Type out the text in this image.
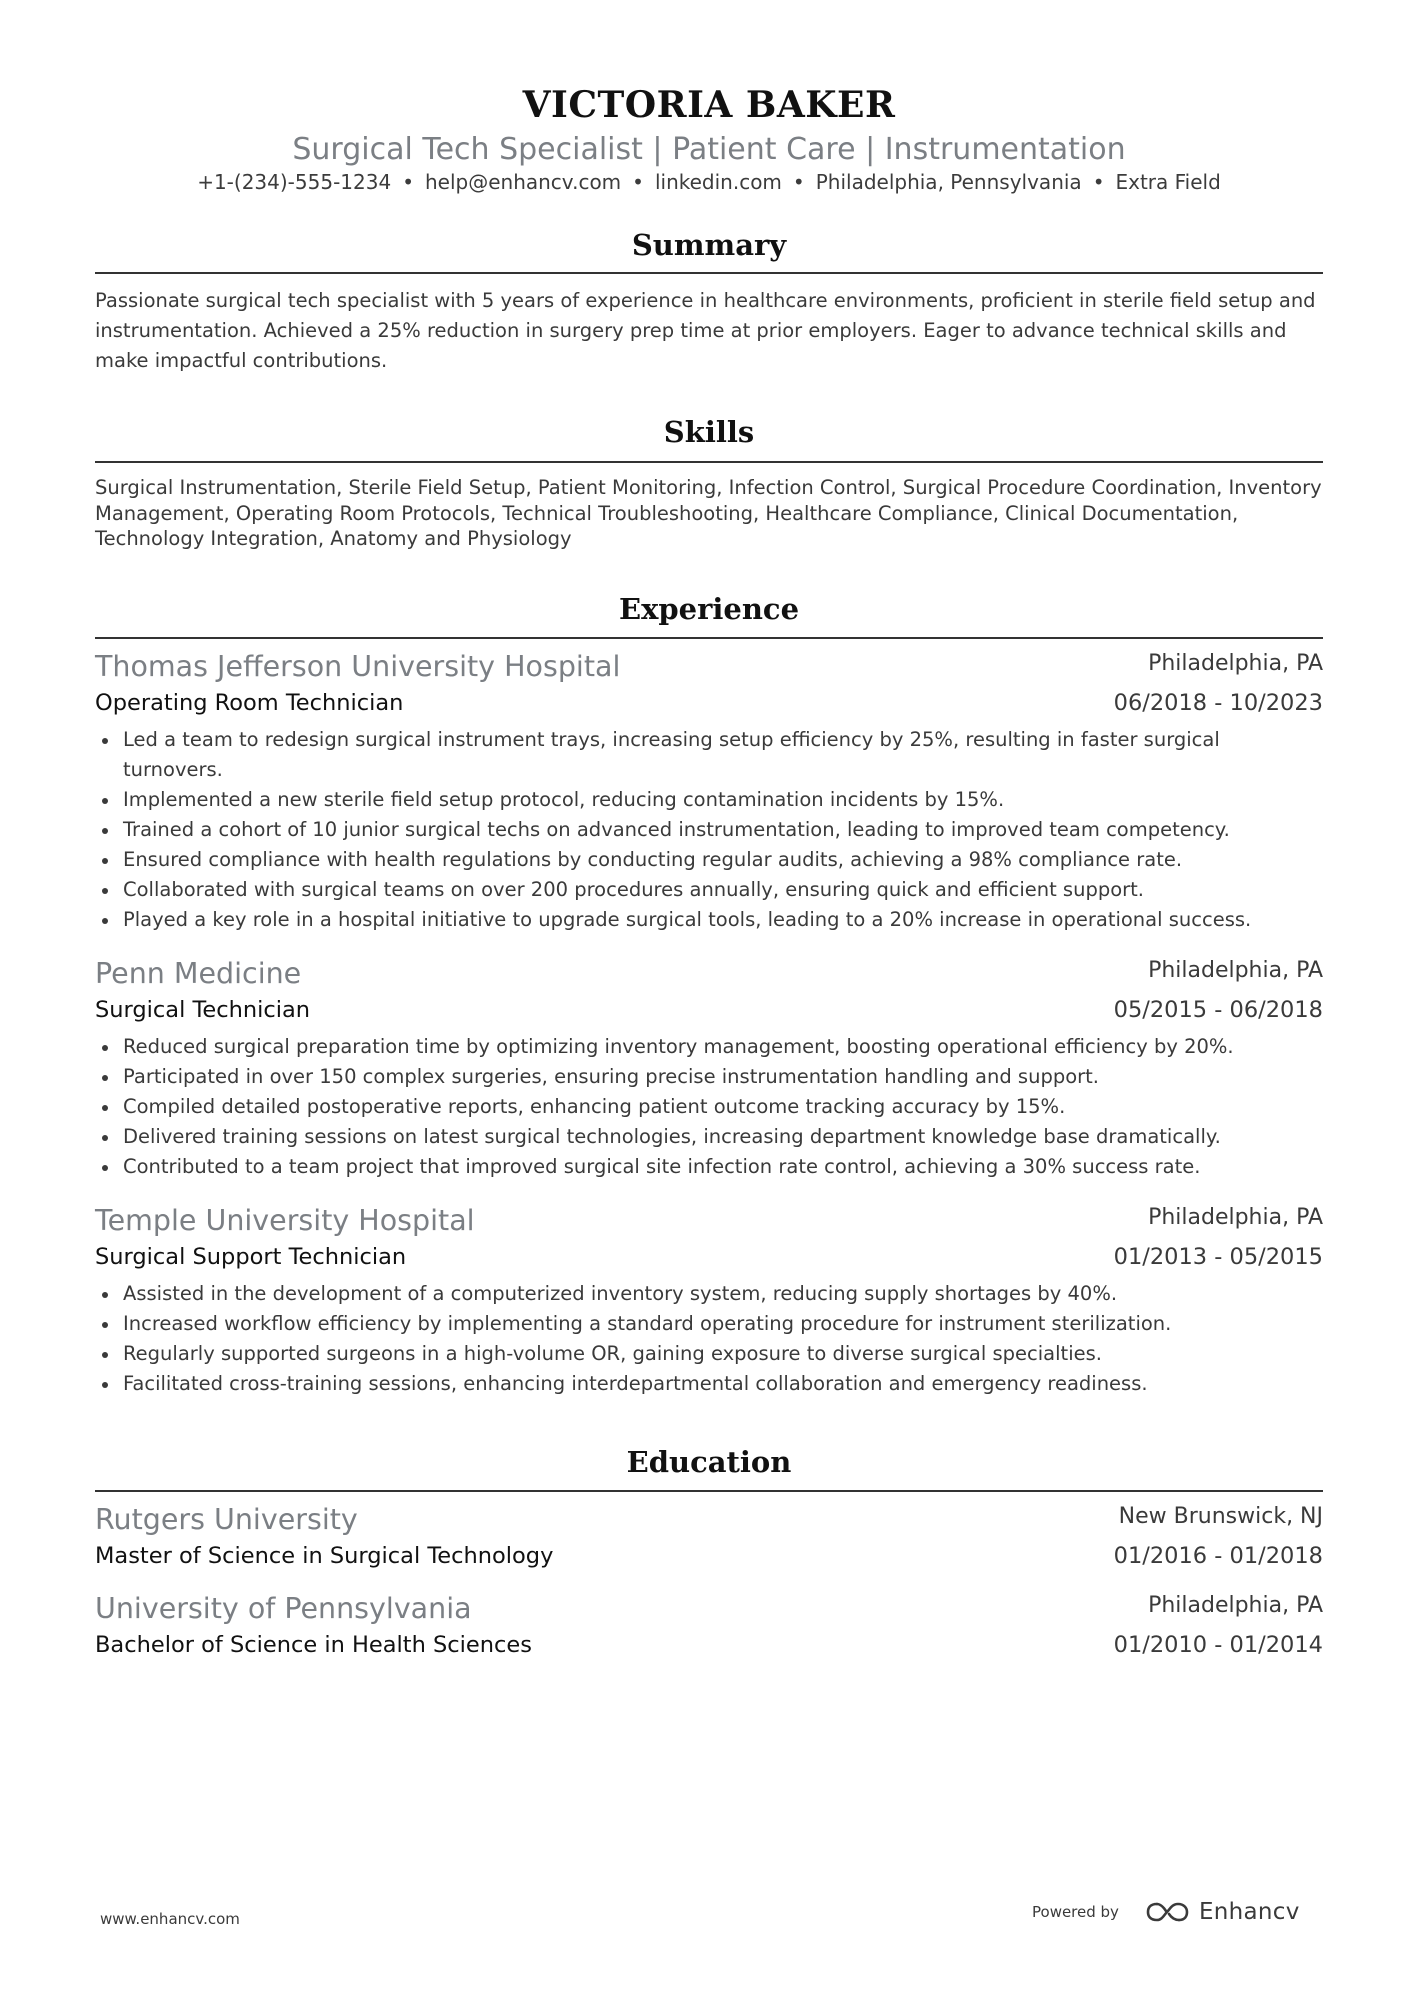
VICTORIA BAKER
Surgical Tech Specialist | Patient Care | Instrumentation
+1-(234)-555-1234 • help@enhancv.com • linkedin.com • Philadelphia, Pennsylvania • Extra Field
Summary
Passionate surgical tech specialist with 5 years of experience in healthcare environments, proficient in sterile field setup and instrumentation. Achieved a 25% reduction in surgery prep time at prior employers. Eager to advance technical skills and make impactful contributions.
Skills
Surgical Instrumentation, Sterile Field Setup, Patient Monitoring, Infection Control, Surgical Procedure Coordination, Inventory Management, Operating Room Protocols, Technical Troubleshooting, Healthcare Compliance, Clinical Documentation, Technology Integration, Anatomy and Physiology
Experience
Thomas Jefferson University Hospital	Philadelphia, PA
Operating Room Technician	06/2018 - 10/2023
Led a team to redesign surgical instrument trays, increasing setup efficiency by 25%, resulting in faster surgical turnovers.
Implemented a new sterile field setup protocol, reducing contamination incidents by 15%.
Trained a cohort of 10 junior surgical techs on advanced instrumentation, leading to improved team competency.
Ensured compliance with health regulations by conducting regular audits, achieving a 98% compliance rate.
Collaborated with surgical teams on over 200 procedures annually, ensuring quick and efficient support.
Played a key role in a hospital initiative to upgrade surgical tools, leading to a 20% increase in operational success.
Penn Medicine	Philadelphia, PA
Surgical Technician	05/2015 - 06/2018
Reduced surgical preparation time by optimizing inventory management, boosting operational efficiency by 20%.
Participated in over 150 complex surgeries, ensuring precise instrumentation handling and support.
Compiled detailed postoperative reports, enhancing patient outcome tracking accuracy by 15%.
Delivered training sessions on latest surgical technologies, increasing department knowledge base dramatically.
Contributed to a team project that improved surgical site infection rate control, achieving a 30% success rate.
Temple University Hospital	Philadelphia, PA
Surgical Support Technician	01/2013 - 05/2015
Assisted in the development of a computerized inventory system, reducing supply shortages by 40%.
Increased workflow efficiency by implementing a standard operating procedure for instrument sterilization.
Regularly supported surgeons in a high-volume OR, gaining exposure to diverse surgical specialties.
Facilitated cross-training sessions, enhancing interdepartmental collaboration and emergency readiness.
Education
Rutgers University	New Brunswick, NJ
Master of Science in Surgical Technology	01/2016 - 01/2018
University of Pennsylvania	Philadelphia, PA
Bachelor of Science in Health Sciences	01/2010 - 01/2014
www.enhancv.com	Powered by	Enhancv
